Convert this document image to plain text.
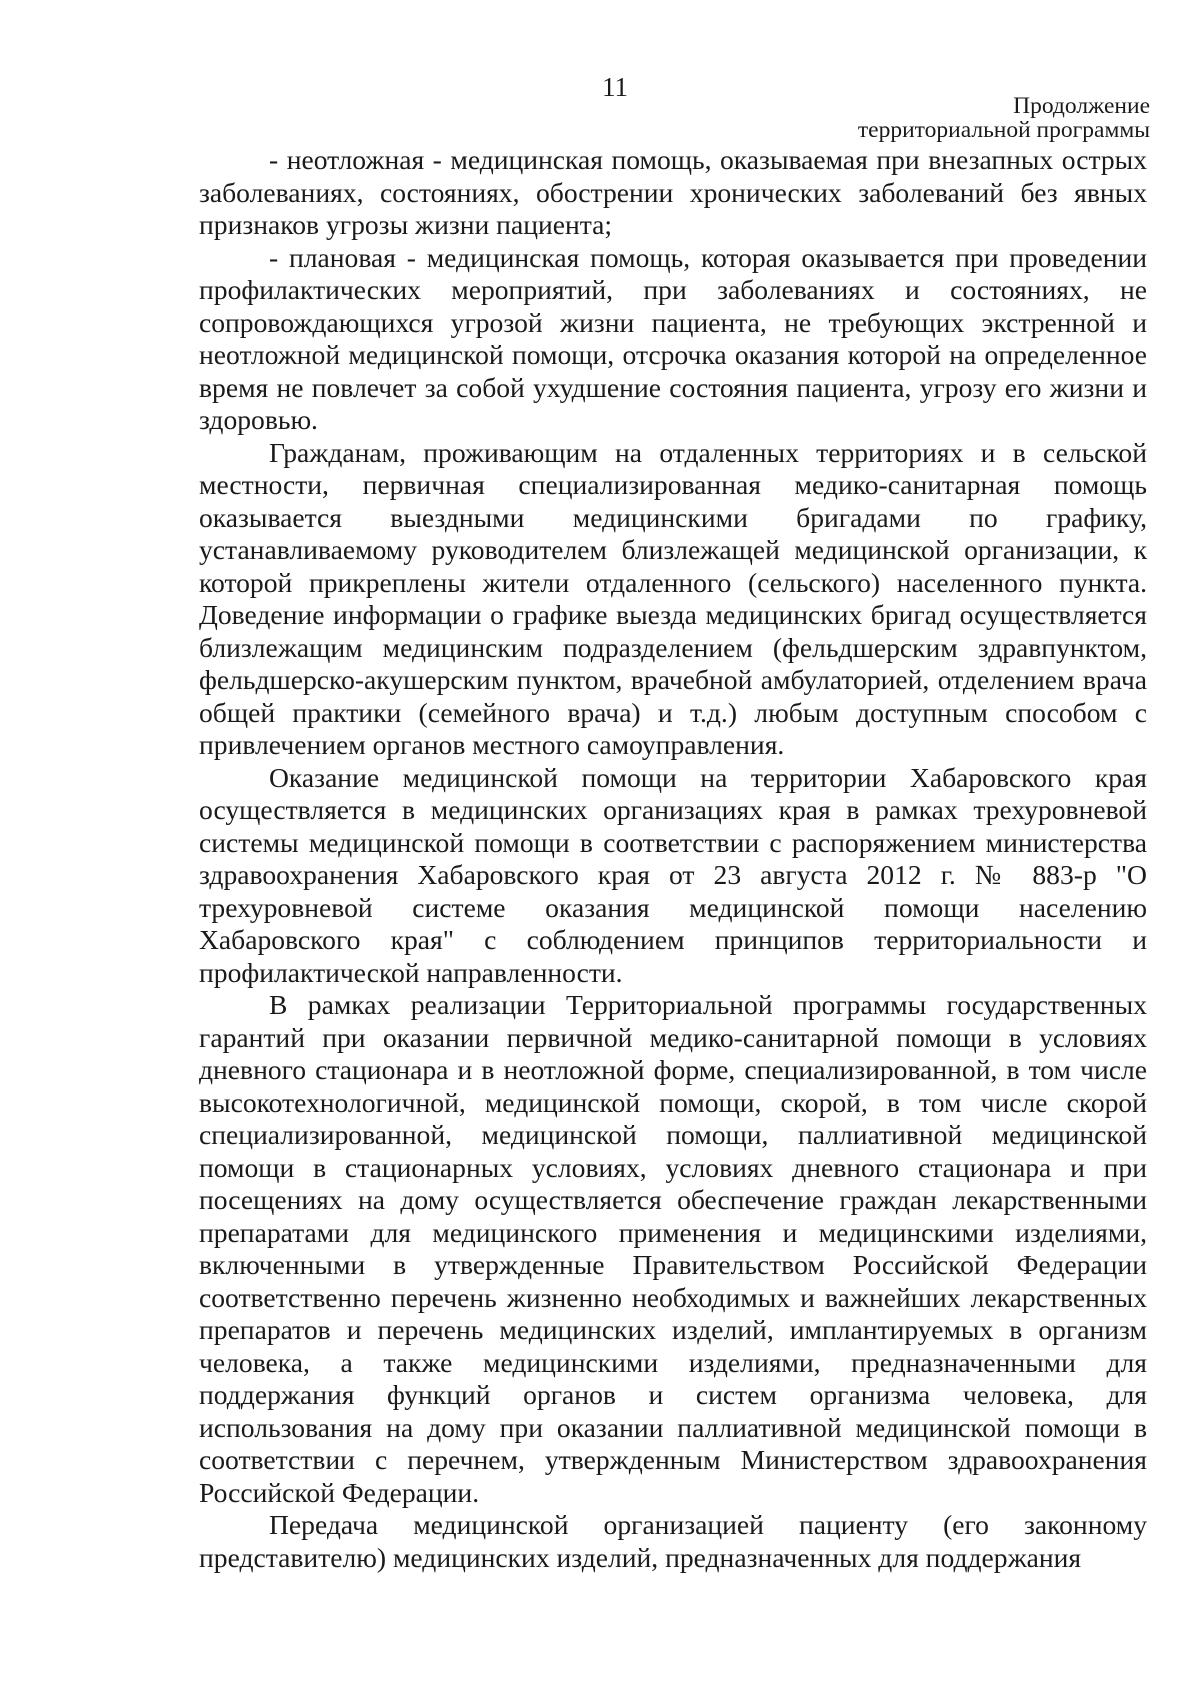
11
Продолжение
территориальной программы

- неотложная - медицинская помощь, оказываемая при внезапных острых заболеваниях, состояниях, обострении хронических заболеваний без явных признаков угрозы жизни пациента;

- плановая - медицинская помощь, которая оказывается при проведении профилактических мероприятий, при заболеваниях и состояниях, не сопровождающихся угрозой жизни пациента, не требующих экстренной и неотложной медицинской помощи, отсрочка оказания которой на определенное время не повлечет за собой ухудшение состояния пациента, угрозу его жизни и здоровью.

Гражданам, проживающим на отдаленных территориях и в сельской местности, первичная специализированная медико-санитарная помощь оказывается выездными медицинскими бригадами по графику, устанавливаемому руководителем близлежащей медицинской организации, к которой прикреплены жители отдаленного (сельского) населенного пункта. Доведение информации о графике выезда медицинских бригад осуществляется близлежащим медицинским подразделением (фельдшерским здравпунктом, фельдшерско-акушерским пунктом, врачебной амбулаторией, отделением врача общей практики (семейного врача) и т.д.) любым доступным способом с привлечением органов местного самоуправления.

Оказание медицинской помощи на территории Хабаровского края осуществляется в медицинских организациях края в рамках трехуровневой системы медицинской помощи в соответствии с распоряжением министерства здравоохранения Хабаровского края от 23 августа 2012 г. № 883-р "О трехуровневой системе оказания медицинской помощи населению Хабаровского края" с соблюдением принципов территориальности и профилактической направленности.

В рамках реализации Территориальной программы государственных гарантий при оказании первичной медико-санитарной помощи в условиях дневного стационара и в неотложной форме, специализированной, в том числе высокотехнологичной, медицинской помощи, скорой, в том числе скорой специализированной, медицинской помощи, паллиативной медицинской помощи в стационарных условиях, условиях дневного стационара и при посещениях на дому осуществляется обеспечение граждан лекарственными препаратами для медицинского применения и медицинскими изделиями, включенными в утвержденные Правительством Российской Федерации соответственно перечень жизненно необходимых и важнейших лекарственных препаратов и перечень медицинских изделий, имплантируемых в организм человека, а также медицинскими изделиями, предназначенными для поддержания функций органов и систем организма человека, для использования на дому при оказании паллиативной медицинской помощи в соответствии с перечнем, утвержденным Министерством здравоохранения Российской Федерации.

Передача медицинской организацией пациенту (его законному представителю) медицинских изделий, предназначенных для поддержания
